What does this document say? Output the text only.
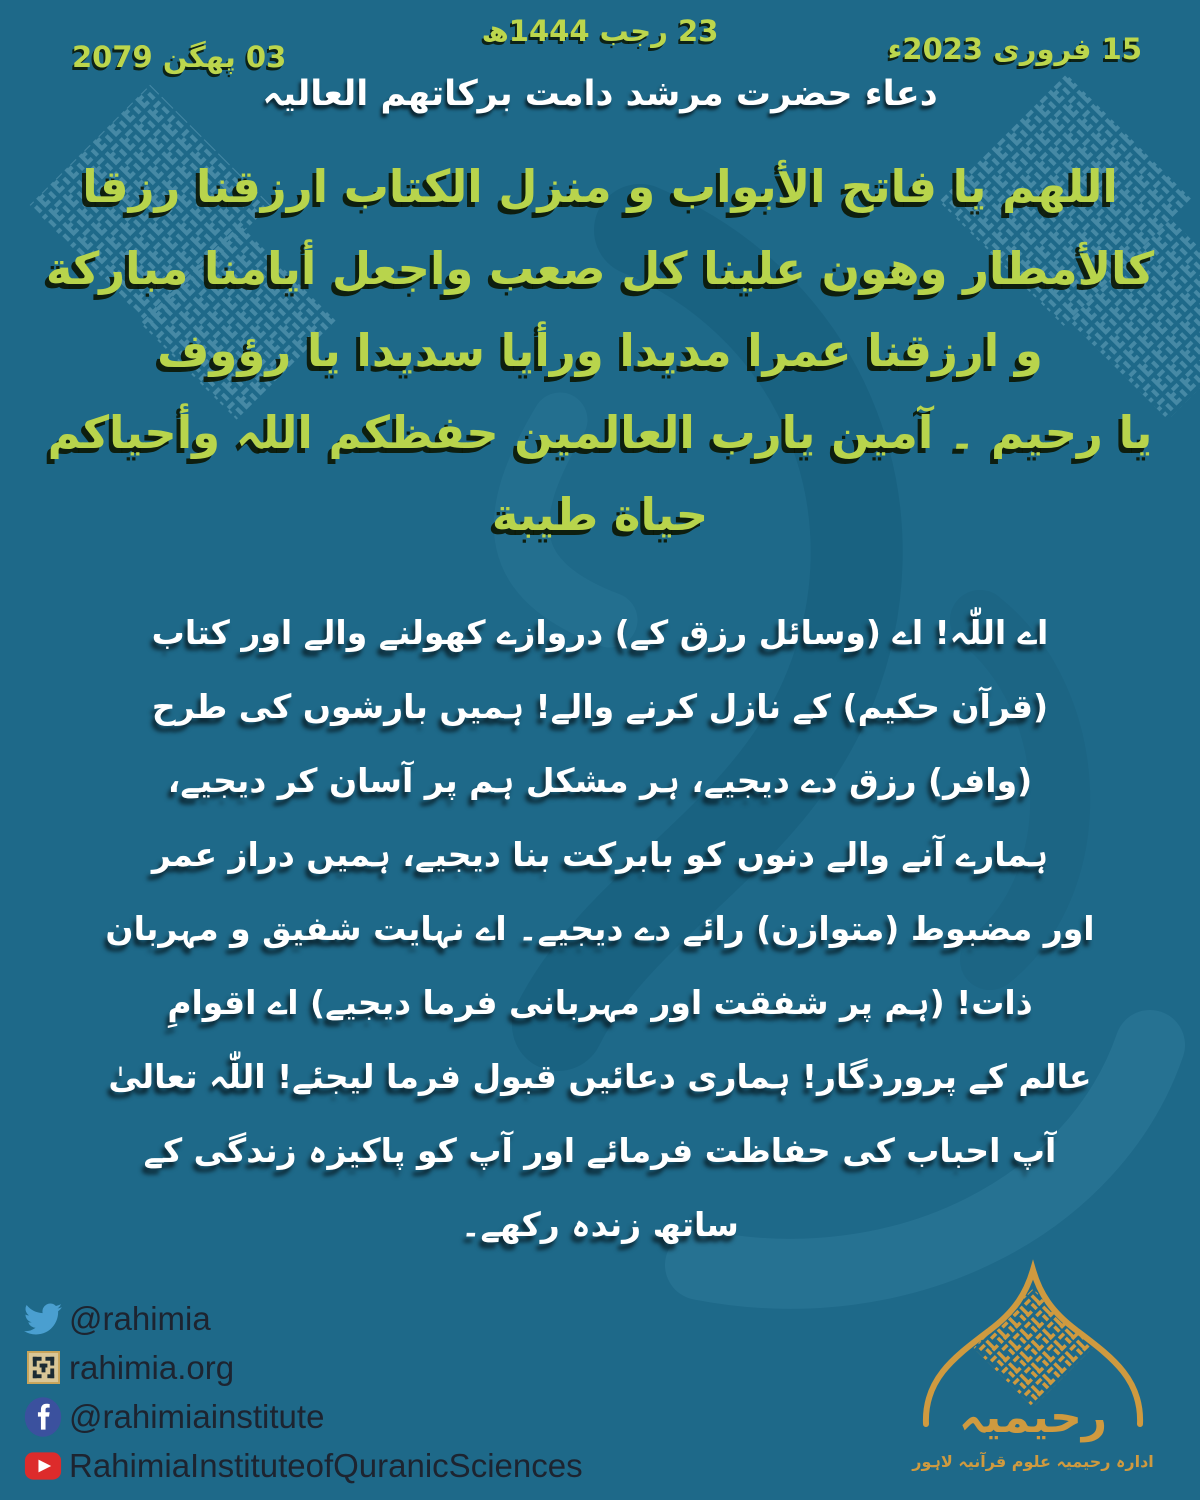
23 رجب 1444ھ
15 فروری 2023ء
03 پھگن 2079
دعاء حضرت مرشد دامت برکاتهم العالیہ
اللهم یا فاتح الأبواب و منزل الکتاب ارزقنا رزقا
کالأمطار وهون علینا کل صعب واجعل أیامنا مبارکة
و ارزقنا عمرا مدیدا ورأیا سدیدا یا رؤوف
یا رحیم ۔ آمین یارب العالمین حفظکم اللہ وأحیاکم
حیاة طیبة
اے اللّٰہ! اے (وسائل رزق کے) دروازے کھولنے والے اور کتاب
(قرآن حکیم) کے نازل کرنے والے! ہمیں بارشوں کی طرح
(وافر) رزق دے دیجیے، ہر مشکل ہم پر آسان کر دیجیے،
ہمارے آنے والے دنوں کو بابرکت بنا دیجیے، ہمیں دراز عمر
اور مضبوط (متوازن) رائے دے دیجیے۔ اے نہایت شفیق و مہربان
ذات! (ہم پر شفقت اور مہربانی فرما دیجیے) اے اقوامِ
عالم کے پروردگار! ہماری دعائیں قبول فرما لیجئے! اللّٰہ تعالیٰ
آپ احباب کی حفاظت فرمائے اور آپ کو پاکیزہ زندگی کے
ساتھ زندہ رکھے۔
@rahimia
rahimia.org
@rahimiainstitute
RahimiaInstituteofQuranicSciences
رحیمیہ
ادارہ رحیمیہ علوم قرآنیہ لاہور
